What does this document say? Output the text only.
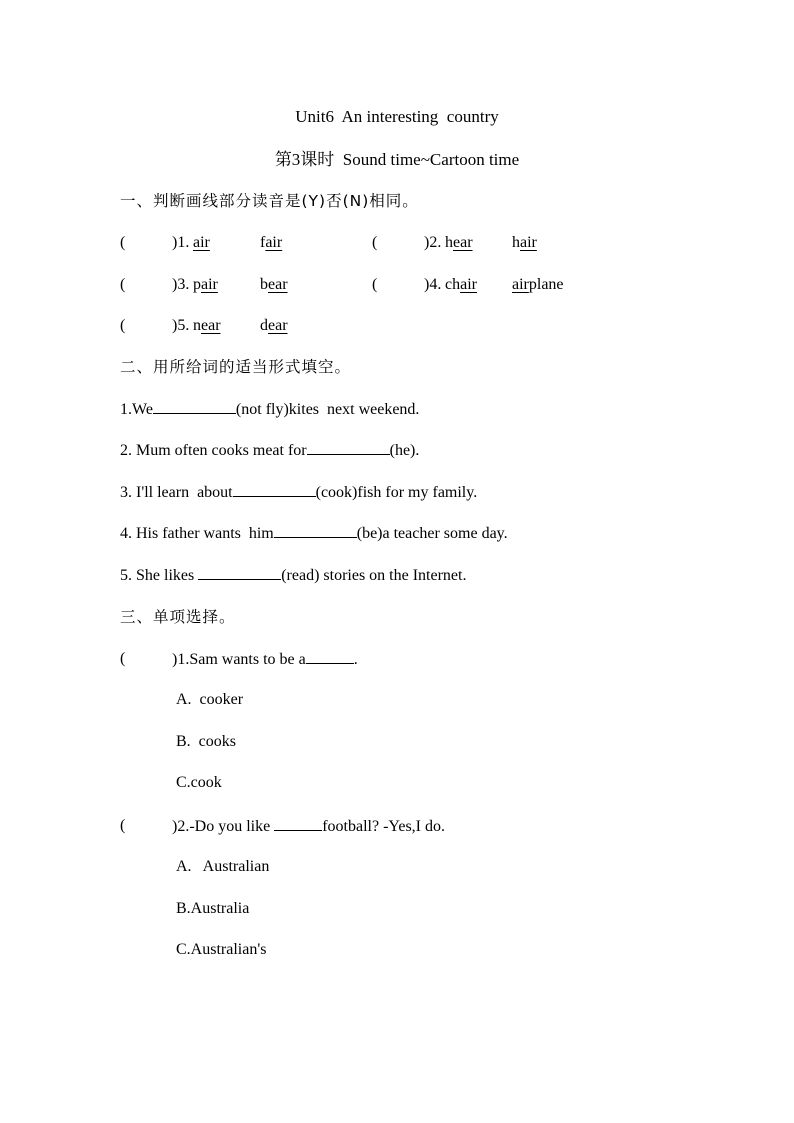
Unit6  An interesting  country
第3课时  Sound time~Cartoon time
一、判断画线部分读音是(Y)否(N)相同。
(	)1. air	fair	(	)2. hear hair
(	)3. pair	bear	(	)4. chair airplane
(	)5. near dear
二、用所给词的适当形式填空。
1.We	(not fly)kites  next weekend.
2. Mum often cooks meat for	(he).
3. I'll learn  about	(cook)fish for my family.
4. His father wants  him	(be)a teacher some day.
5. She likes	(read) stories on the Internet.
三、单项选择。
(	)1.Sam wants to be a	.
A.  cooker
B.  cooks
C.cook
(	)2.-Do you like	football? -Yes,I do.
A.   Australian
B.Australia
C.Australian's
